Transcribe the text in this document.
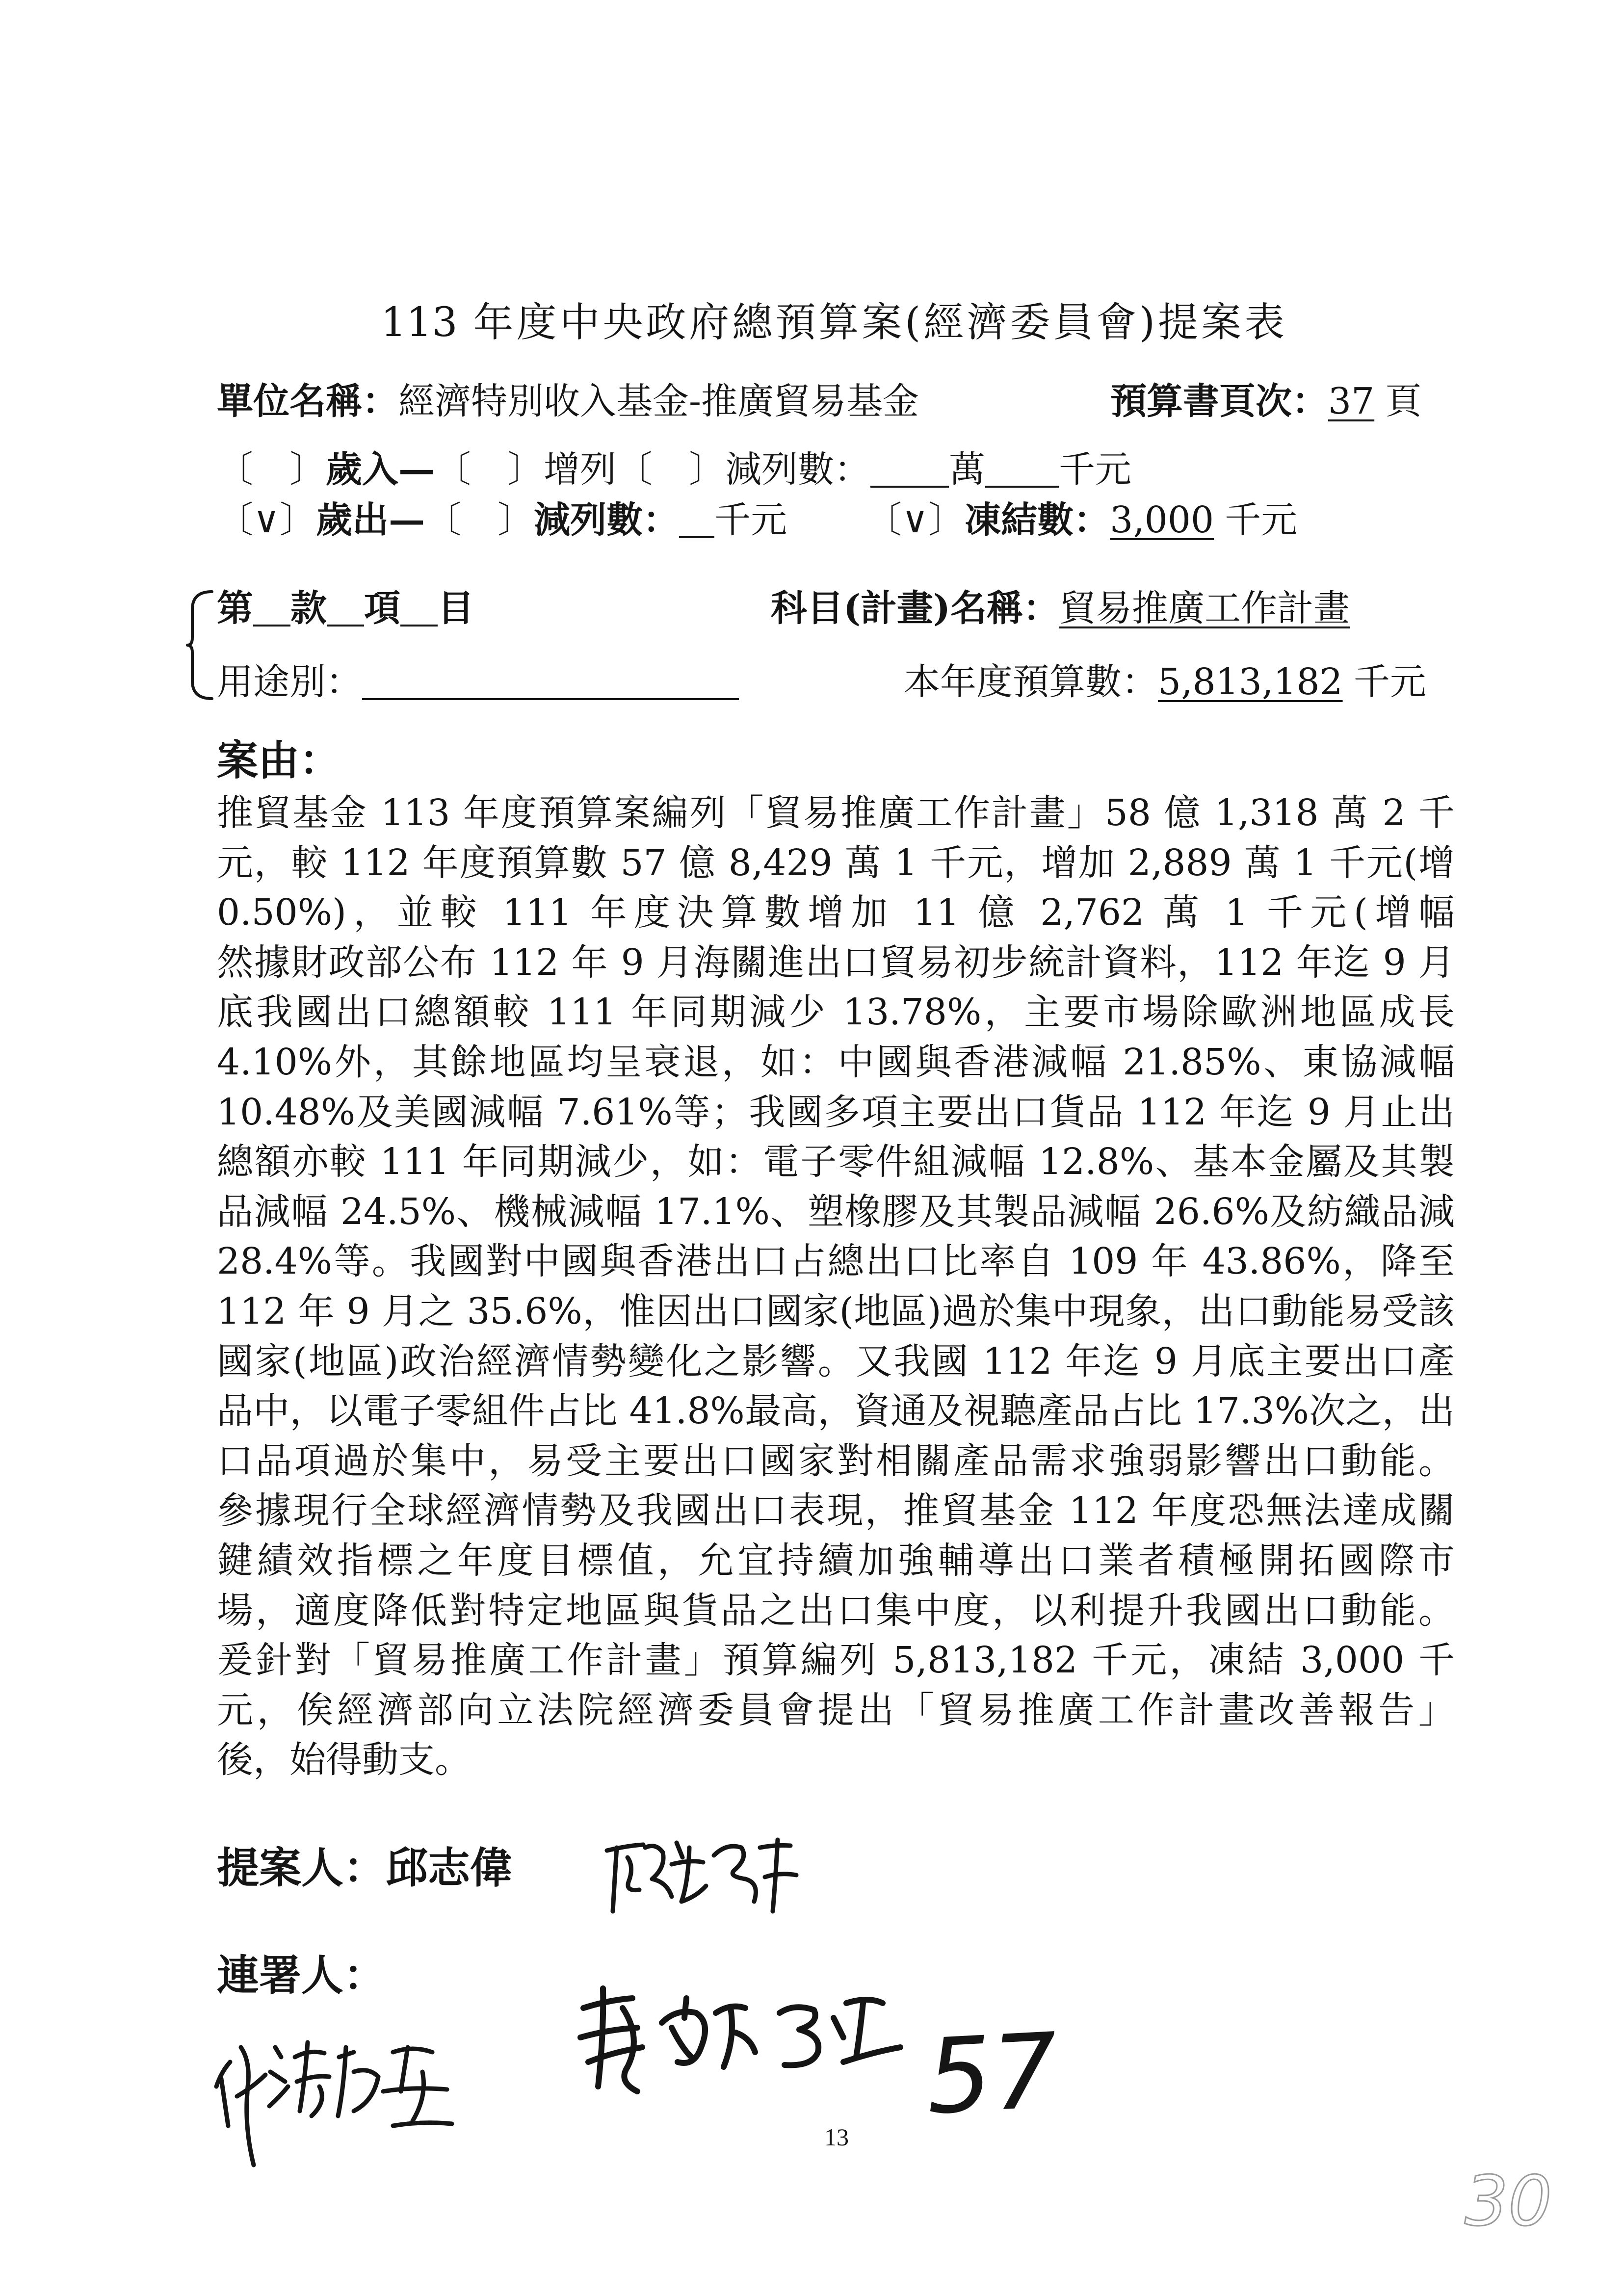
113 年度中央政府總預算案(經濟委員會)提案表
單位名稱： 經濟特別收入基金-推廣貿易基金	預算書頁次： 37 頁
〔　〕 歲入 — 〔　〕 增列 〔　〕 減列數： 萬 千元
〔∨〕 歲出 — 〔　〕 減列數： 千元 〔∨〕 凍結數： 3,000 千元
第 款 項 目	科目(計畫)名稱： 貿易推廣工作計畫
用途別：	本年度預算數： 5,813,182 千元
案由：
推貿基金 113 年度預算案編列「貿易推廣工作計畫」58 億 1,318 萬 2 千
元，較 112 年度預算數 57 億 8,429 萬 1 千元，增加 2,889 萬 1 千元(增
0.50%)，並較 111 年度決算數增加 11 億 2,762 萬 1 千元(增幅
然據財政部公布 112 年 9 月海關進出口貿易初步統計資料，112 年迄 9 月
底我國出口總額較 111 年同期減少 13.78%，主要市場除歐洲地區成長
4.10%外，其餘地區均呈衰退，如：中國與香港減幅 21.85%、東協減幅
10.48%及美國減幅 7.61%等；我國多項主要出口貨品 112 年迄 9 月止出
總額亦較 111 年同期減少，如：電子零件組減幅 12.8%、基本金屬及其製
品減幅 24.5%、機械減幅 17.1%、塑橡膠及其製品減幅 26.6%及紡織品減
28.4%等。我國對中國與香港出口占總出口比率自 109 年 43.86%，降至
112 年 9 月之 35.6%，惟因出口國家(地區)過於集中現象，出口動能易受該
國家(地區)政治經濟情勢變化之影響。又我國 112 年迄 9 月底主要出口產
品中，以電子零組件占比 41.8%最高，資通及視聽產品占比 17.3%次之，出
口品項過於集中，易受主要出口國家對相關產品需求強弱影響出口動能。
參據現行全球經濟情勢及我國出口表現，推貿基金 112 年度恐無法達成關
鍵績效指標之年度目標值，允宜持續加強輔導出口業者積極開拓國際市
場，適度降低對特定地區與貨品之出口集中度，以利提升我國出口動能。
爰針對「貿易推廣工作計畫」預算編列 5,813,182 千元，凍結 3,000 千
元，俟經濟部向立法院經濟委員會提出「貿易推廣工作計畫改善報告」
後，始得動支。
提案人： 邱志偉
連署人：
57
13
30
